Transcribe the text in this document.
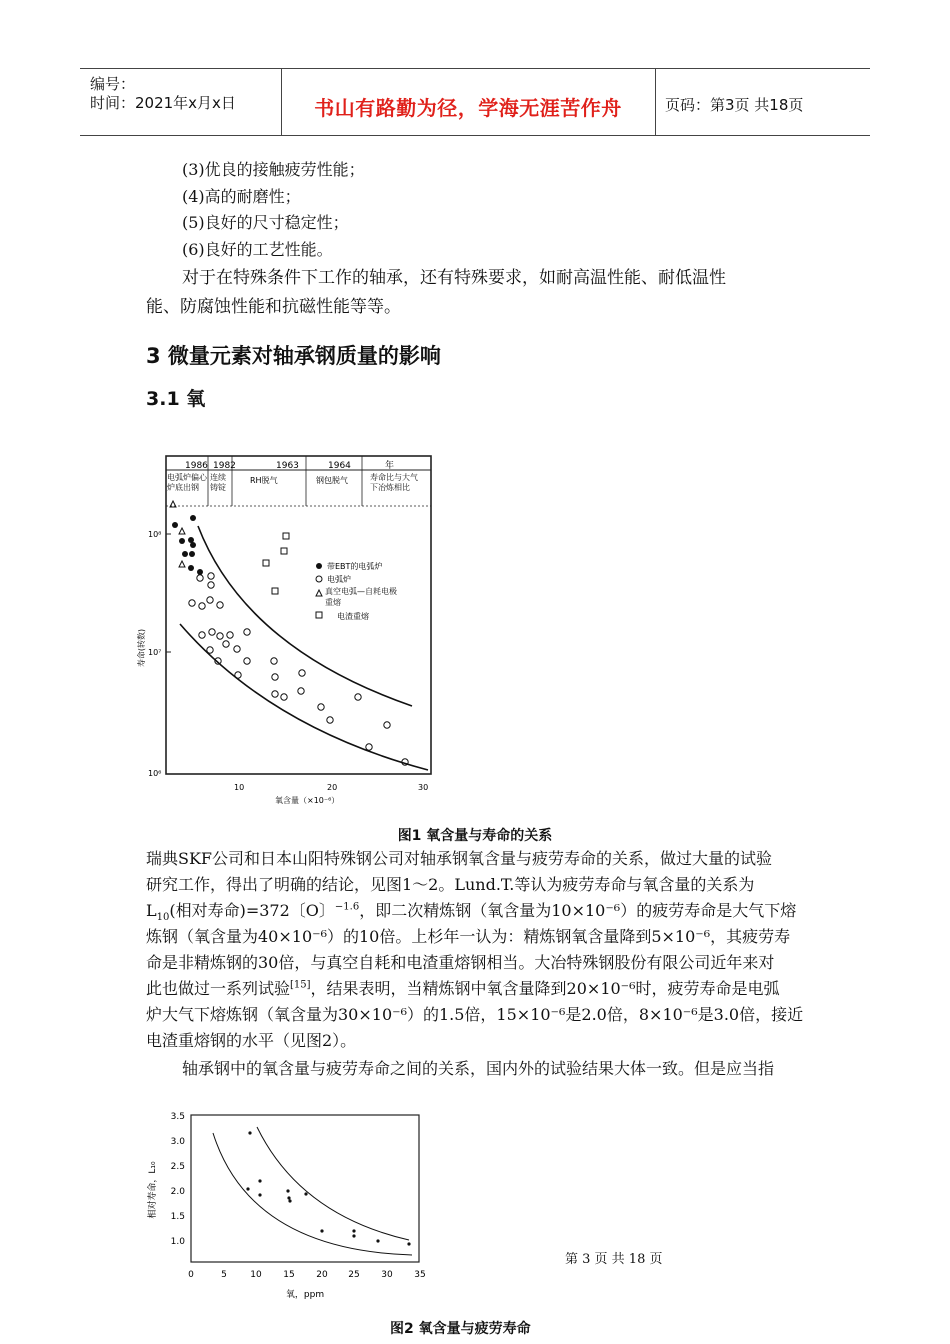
编号：
时间：2021年x月x日	书山有路勤为径，学海无涯苦作舟	页码：第3页 共18页
(3)优良的接触疲劳性能；
(4)高的耐磨性；
(5)良好的尺寸稳定性；
(6)良好的工艺性能。
对于在特殊条件下工作的轴承，还有特殊要求，如耐高温性能、耐低温性
能、防腐蚀性能和抗磁性能等等。
3 微量元素对轴承钢质量的影响
3.1 氧
1986 1982	1963	1964	年
电弧炉偏心炉底出钢
连续铸锭
RH脱气	钢包脱气	寿命比与大气下冶炼相比
10⁸
10⁷
10⁶
寿命(转数)
10	20	30
氧含量（×10⁻⁶）
带EBT的电弧炉
电弧炉
真空电弧—自耗电极重熔
电渣重熔
图1 氧含量与寿命的关系
瑞典SKF公司和日本山阳特殊钢公司对轴承钢氧含量与疲劳寿命的关系，做过大量的试验
研究工作，得出了明确的结论，见图1～2。Lund.T.等认为疲劳寿命与氧含量的关系为
$L_{10}$(相对寿命)=372〔O〕$^{-1.6}$，即二次精炼钢（氧含量为10×10⁻⁶）的疲劳寿命是大气下熔
炼钢（氧含量为40×10⁻⁶）的10倍。上杉年一认为：精炼钢氧含量降到5×10⁻⁶，其疲劳寿
命是非精炼钢的30倍，与真空自耗和电渣重熔钢相当。大冶特殊钢股份有限公司近年来对
此也做过一系列试验[15]，结果表明，当精炼钢中氧含量降到20×10⁻⁶时，疲劳寿命是电弧
炉大气下熔炼钢（氧含量为30×10⁻⁶）的1.5倍，15×10⁻⁶是2.0倍，8×10⁻⁶是3.0倍，接近
电渣重熔钢的水平（见图2）。
轴承钢中的氧含量与疲劳寿命之间的关系，国内外的试验结果大体一致。但是应当指
3.5
3.0
2.5
2.0
1.5
1.0
0	5	10 15 20 25 30 35
氧，ppm
相对寿命，L₁₀
第 3 页 共 18 页
图2 氧含量与疲劳寿命
